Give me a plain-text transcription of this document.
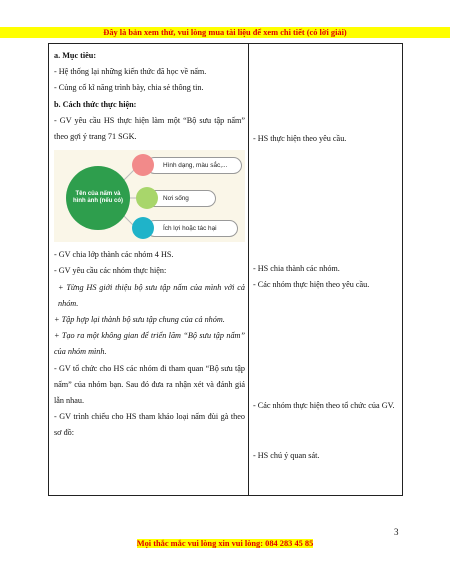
Đây là bản xem thử, vui lòng mua tài liệu để xem chi tiết (có lời giải)
a. Mục tiêu:
- Hệ thống lại những kiến thức đã học về nấm.
- Củng cố kĩ năng trình bày, chia sẻ thông tin.
b. Cách thức thực hiện:
- GV yêu cầu HS thực hiện làm một “Bộ sưu tập nấm” theo gợi ý trang 71 SGK.
Hình dạng, màu sắc,...
Nơi sống
Ích lợi hoặc tác hại
Tên của nấm và hình ảnh (nếu có)
- GV chia lớp thành các nhóm 4 HS.
- GV yêu cầu các nhóm thực hiện:
+ Từng HS giới thiệu bộ sưu tập nấm của mình với cả nhóm.
+ Tập hợp lại thành bộ sưu tập chung của cả nhóm.
+ Tạo ra một không gian để triển lãm “Bộ sưu tập nấm” của nhóm mình.
- GV tổ chức cho HS các nhóm đi tham quan “Bộ sưu tập nấm” của nhóm bạn. Sau đó đưa ra nhận xét và đánh giá lẫn nhau.
- GV trình chiếu cho HS tham khảo loại nấm đùi gà theo sơ đồ:
- HS thực hiện theo yêu cầu.
- HS chia thành các nhóm.
- Các nhóm thực hiện theo yêu cầu.
- Các nhóm thực hiện theo tổ chức của GV.
- HS chú ý quan sát.
3
Mọi thắc mắc vui lòng xin vui lòng: 084 283 45 85
